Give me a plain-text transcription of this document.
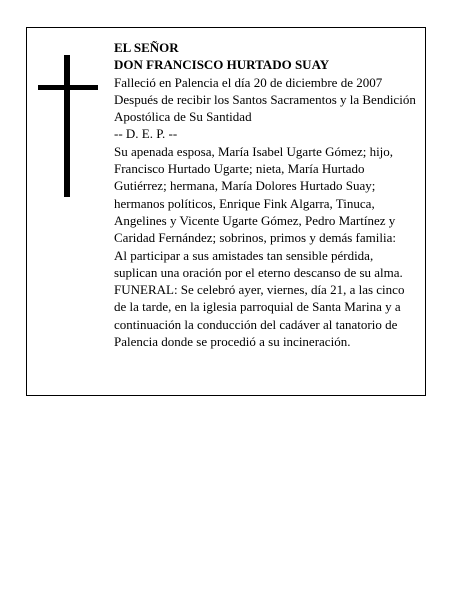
EL SEÑOR

DON FRANCISCO HURTADO SUAY

Falleció en Palencia el día 20 de diciembre de 2007

Después de recibir los Santos Sacramentos y la Bendición Apostólica de Su Santidad

-- D. E. P. --

Su apenada esposa, María Isabel Ugarte Gómez; hijo, Francisco Hurtado Ugarte; nieta, María Hurtado Gutiérrez; hermana, María Dolores Hurtado Suay; hermanos políticos, Enrique Fink Algarra, Tinuca, Angelines y Vicente Ugarte Gómez, Pedro Martínez y Caridad Fernández; sobrinos, primos y demás familia:

Al participar a sus amistades tan sensible pérdida, suplican una oración por el eterno descanso de su alma.

FUNERAL: Se celebró ayer, viernes, día 21, a las cinco de la tarde, en la iglesia parroquial de Santa Marina y a continuación la conducción del cadáver al tanatorio de Palencia donde se procedió a su incineración.
